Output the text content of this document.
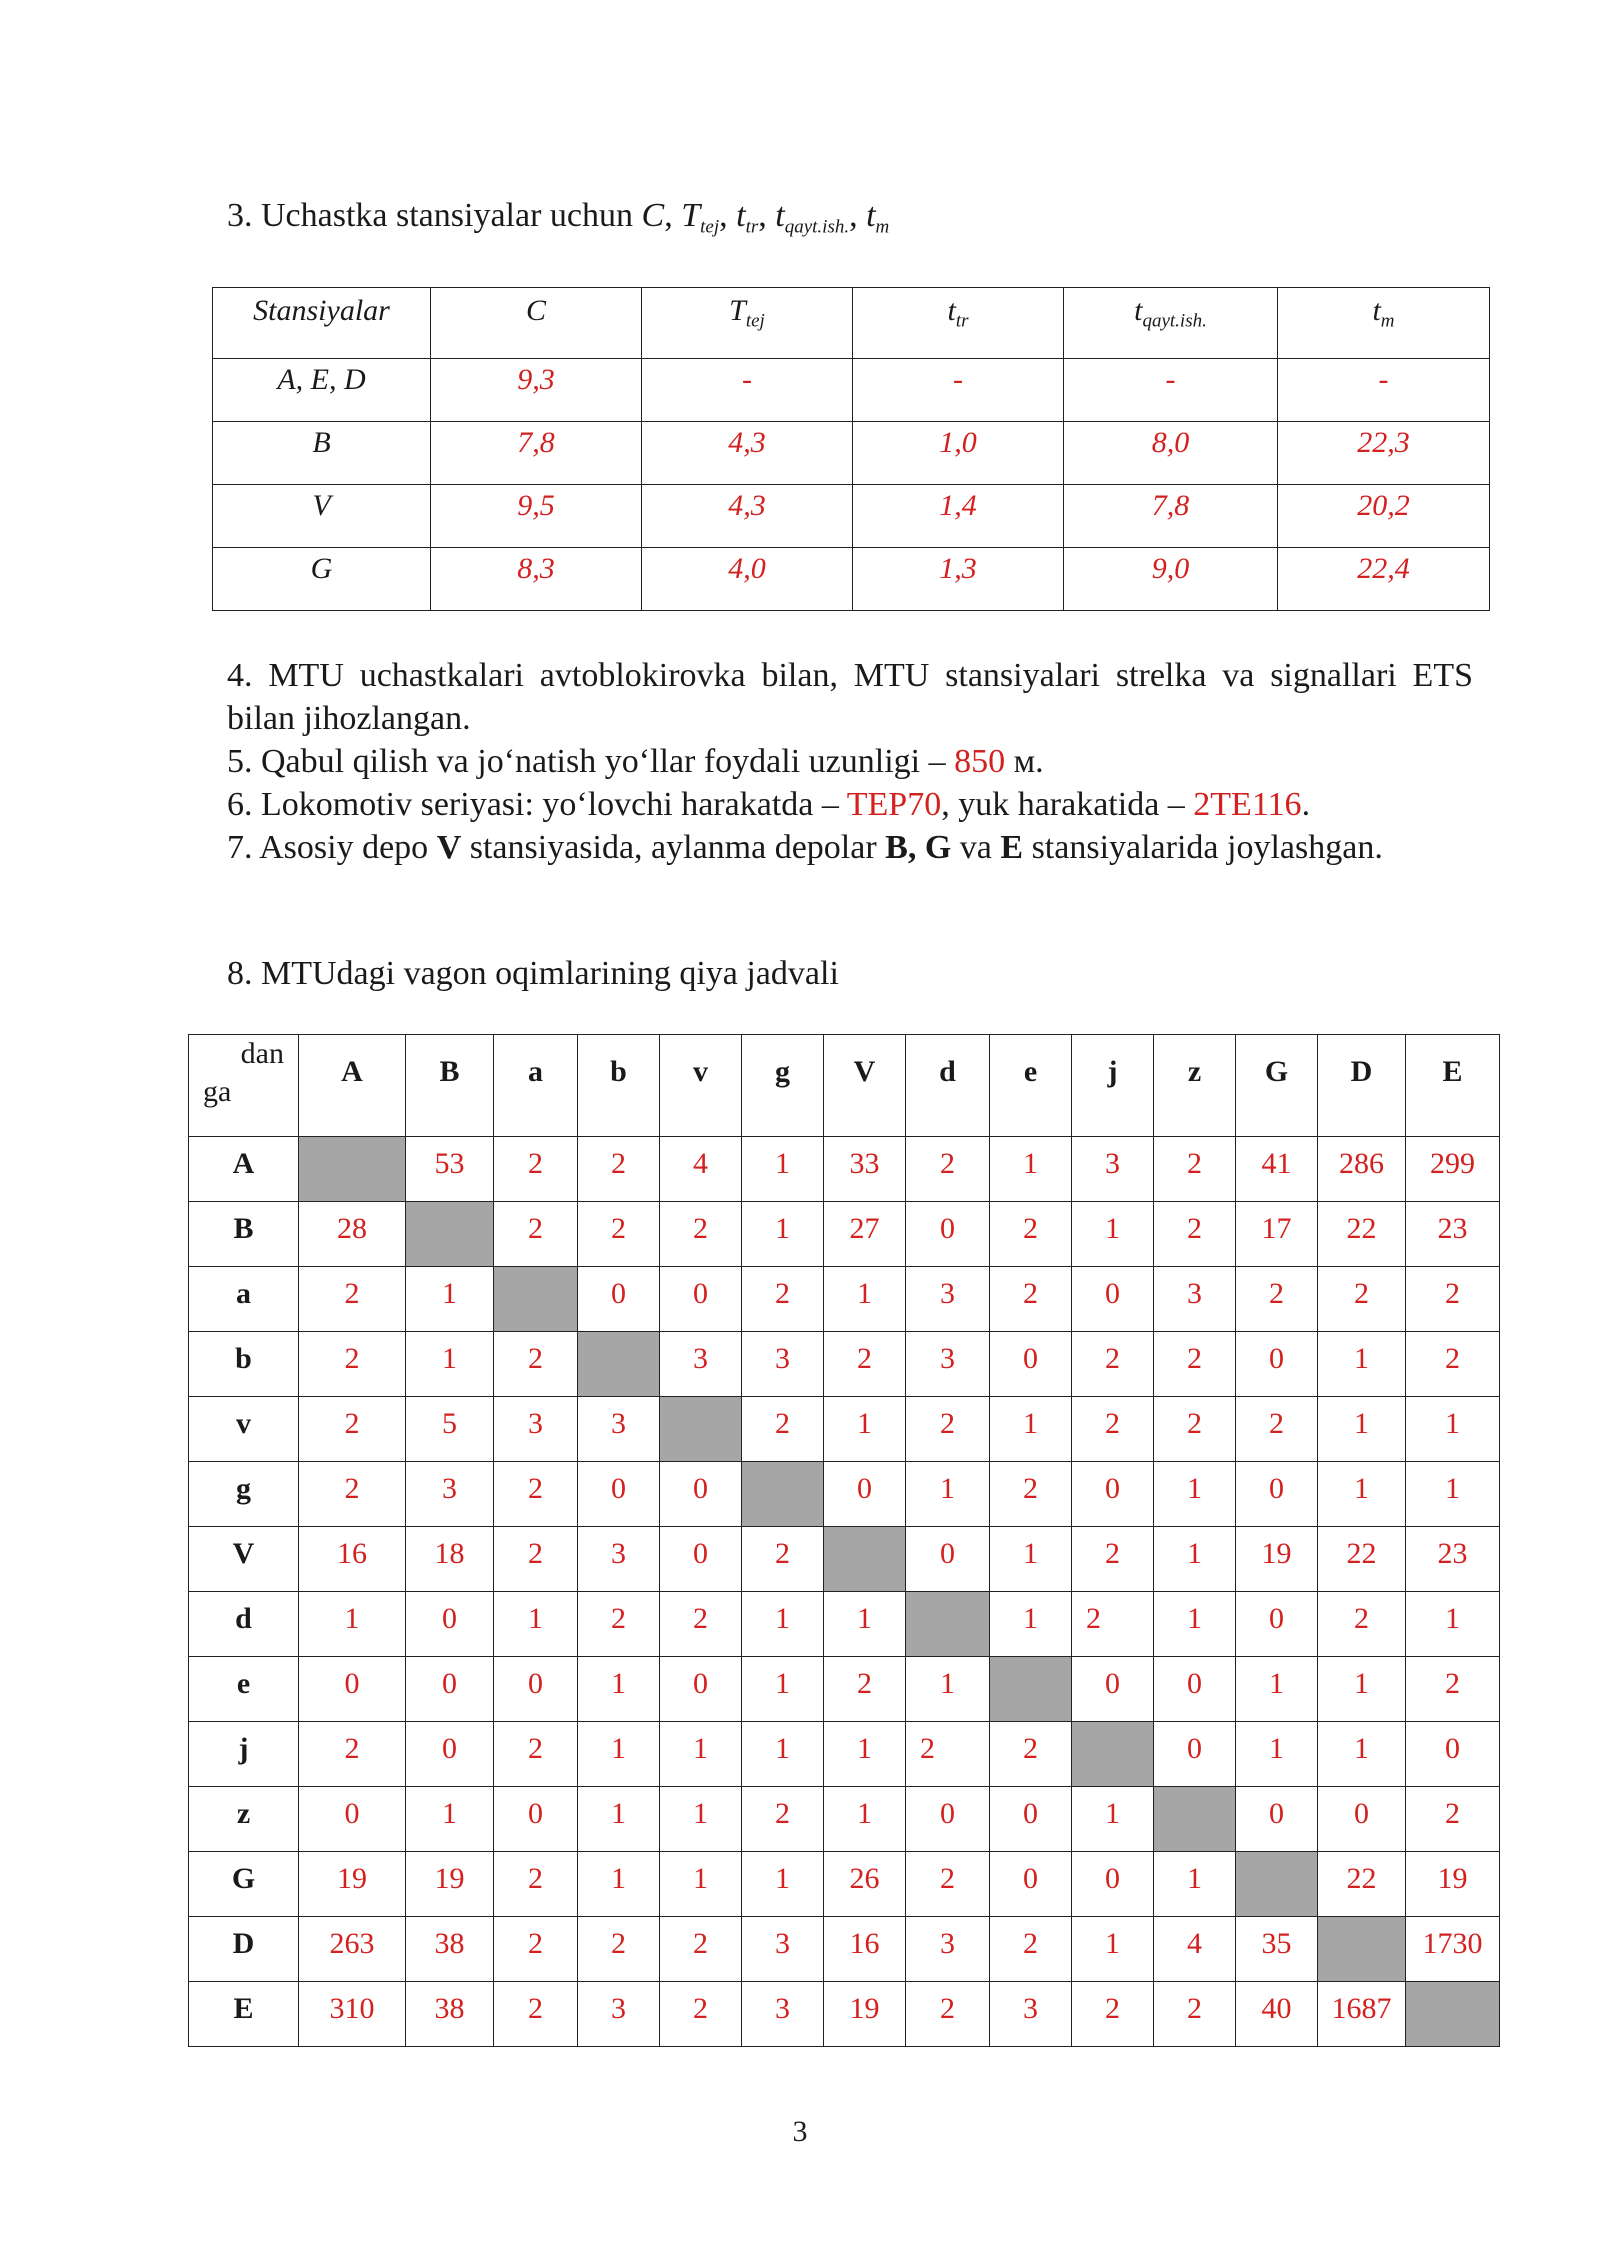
3. Uchastka stansiyalar uchun C, $T_{tej}$, $t_{tr}$, $t_{qayt.ish.}$, $t_m$
Stansiyalar	C	$T_{tej}$	$t_{tr}$	$t_{qayt.ish.}$	$t_m$
A, E, D	9,3	-	-	-	-
B	7,8	4,3	1,0	8,0	22,3
V	9,5	4,3	1,4	7,8	20,2
G	8,3	4,0	1,3	9,0	22,4

4. MTU uchastkalari avtoblokirovka bilan, MTU stansiyalari strelka va signallari ETS bilan jihozlangan.

5. Qabul qilish va jo‘natish yo‘llar foydali uzunligi – 850 м.

6. Lokomotiv seriyasi: yo‘lovchi harakatda – TEP70, yuk harakatida – 2TE116.

7. Asosiy depo V stansiyasida, aylanma depolar B, G va E stansiyalarida joylashgan.

8. MTUdagi vagon oqimlarining qiya jadvali
dan
ga	A	B	a	b	v	g	V	d	e	j	z	G	D	E
A		53	2	2	4	1	33	2	1	3	2	41	286	299
B	28		2	2	2	1	27	0	2	1	2	17	22	23
a	2	1		0	0	2	1	3	2	0	3	2	2	2
b	2	1	2		3	3	2	3	0	2	2	0	1	2
v	2	5	3	3		2	1	2	1	2	2	2	1	1
g	2	3	2	0	0		0	1	2	0	1	0	1	1
V	16	18	2	3	0	2		0	1	2	1	19	22	23
d	1	0	1	2	2	1	1		1	2	1	0	2	1
e	0	0	0	1	0	1	2	1		0	0	1	1	2
j	2	0	2	1	1	1	1	2	2		0	1	1	0
z	0	1	0	1	1	2	1	0	0	1		0	0	2
G	19	19	2	1	1	1	26	2	0	0	1		22	19
D	263	38	2	2	2	3	16	3	2	1	4	35		1730
E	310	38	2	3	2	3	19	2	3	2	2	40	1687	
3
